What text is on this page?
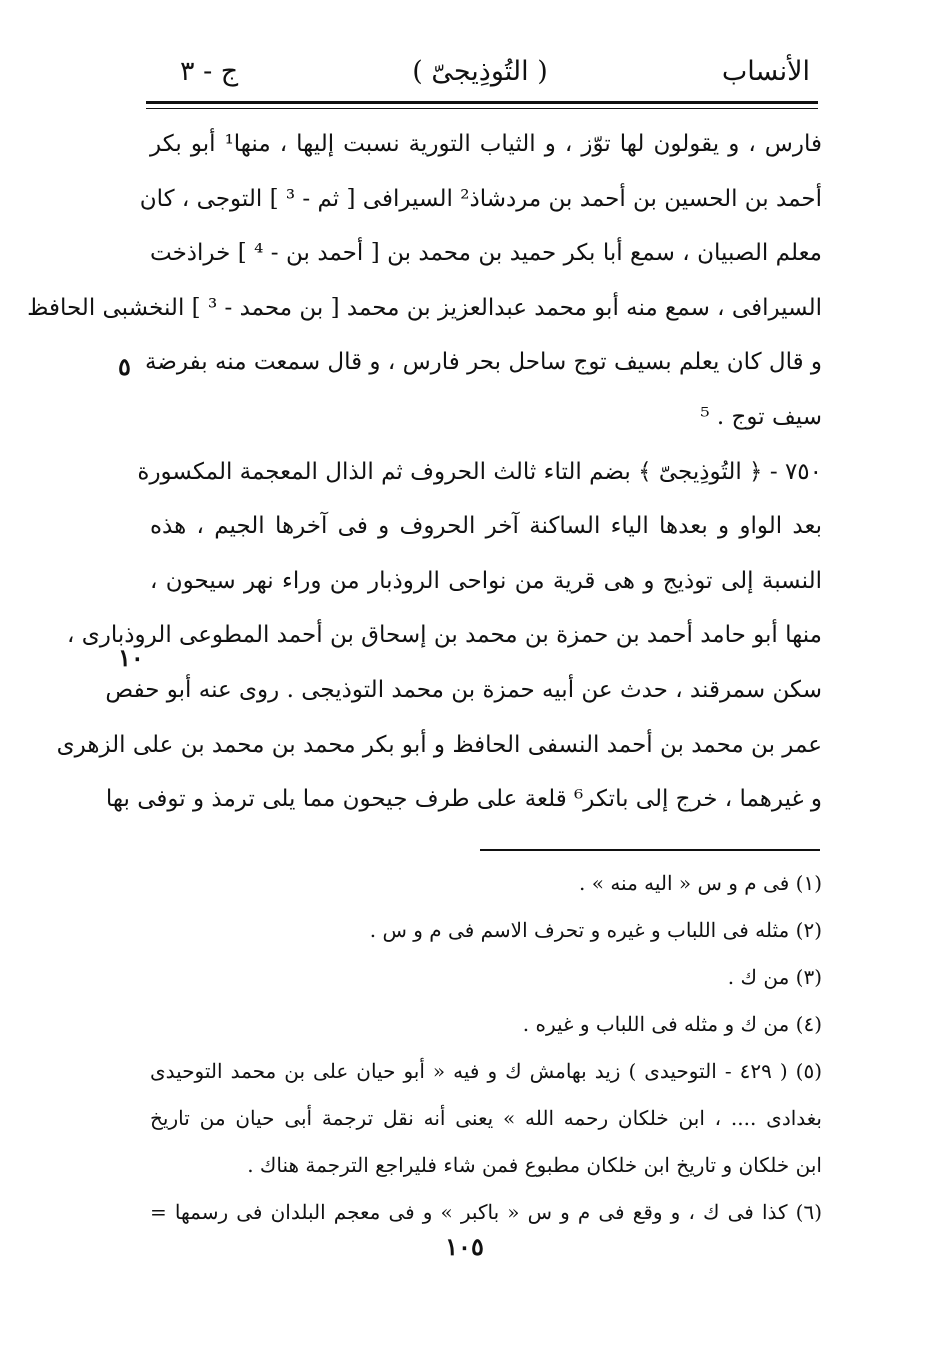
الأنساب
( التُوذِيجىّ )
ج - ٣
فارس ، و يقولون لها توّز ، و الثياب التورية نسبت إليها ، منها¹ أبو بكر
أحمد بن الحسين بن أحمد بن مردشاذ² السيرافى [ ثم - ³ ] التوجى ، كان
معلم الصبيان ، سمع أبا بكر حميد بن محمد بن [ أحمد بن - ⁴ ] خراذخت
السيرافى ، سمع منه أبو محمد عبدالعزيز بن محمد [ بن محمد - ³ ] النخشبى الحافظ
و قال كان يعلم بسيف توج ساحل بحر فارس ، و قال سمعت منه بفرضة
سيف توج . ⁵
٧٥٠ - ﴿ التُوذِيجىّ ﴾ بضم التاء ثالث الحروف ثم الذال المعجمة المكسورة
بعد الواو و بعدها الياء الساكنة آخر الحروف و فى آخرها الجيم ، هذه
النسبة إلى توذيج و هى قرية من نواحى الروذبار من وراء نهر سيحون ،
منها أبو حامد أحمد بن حمزة بن محمد بن إسحاق بن أحمد المطوعى الروذبارى ،
سكن سمرقند ، حدث عن أبيه حمزة بن محمد التوذيجى . روى عنه أبو حفص
عمر بن محمد بن أحمد النسفى الحافظ و أبو بكر محمد بن محمد بن على الزهرى
و غيرهما ، خرج إلى باتكر⁶ قلعة على طرف جيحون مما يلى ترمذ و توفى بها
٥
١٠
(١) فى م و س « اليه منه » .
(٢) مثله فى اللباب و غيره و تحرف الاسم فى م و س .
(٣) من ك .
(٤) من ك و مثله فى اللباب و غيره .
(٥) ( ٤٢٩ - التوحيدى ) زيد بهامش ك و فيه « أبو حيان على بن محمد التوحيدى
بغدادى .... ، ابن خلكان رحمه الله » يعنى أنه نقل ترجمة أبى حيان من تاريخ
ابن خلكان و تاريخ ابن خلكان مطبوع فمن شاء فليراجع الترجمة هناك .
(٦) كذا فى ك ، و وقع فى م و س « باكبر » و فى معجم البلدان فى رسمها =
١٠٥
